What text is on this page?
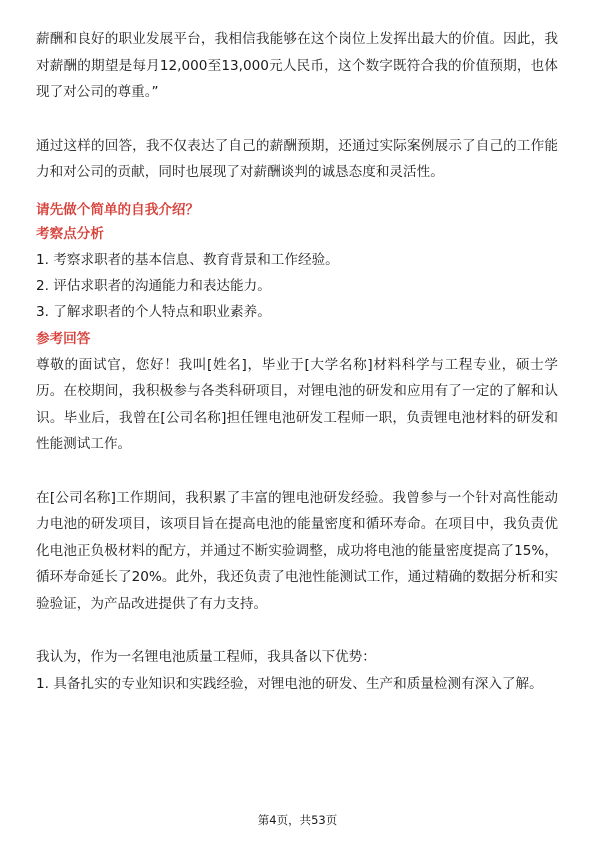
薪酬和良好的职业发展平台，我相信我能够在这个岗位上发挥出最大的价值。因此，我对薪酬的期望是每月12,000至13,000元人民币，这个数字既符合我的价值预期，也体现了对公司的尊重。”

通过这样的回答，我不仅表达了自己的薪酬预期，还通过实际案例展示了自己的工作能力和对公司的贡献，同时也展现了对薪酬谈判的诚恳态度和灵活性。

请先做个简单的自我介绍？
考察点分析

1. 考察求职者的基本信息、教育背景和工作经验。

2. 评估求职者的沟通能力和表达能力。

3. 了解求职者的个人特点和职业素养。

参考回答

尊敬的面试官，您好！我叫[姓名]，毕业于[大学名称]材料科学与工程专业，硕士学历。在校期间，我积极参与各类科研项目，对锂电池的研发和应用有了一定的了解和认识。毕业后，我曾在[公司名称]担任锂电池研发工程师一职，负责锂电池材料的研发和性能测试工作。

在[公司名称]工作期间，我积累了丰富的锂电池研发经验。我曾参与一个针对高性能动力电池的研发项目，该项目旨在提高电池的能量密度和循环寿命。在项目中，我负责优化电池正负极材料的配方，并通过不断实验调整，成功将电池的能量密度提高了15%，循环寿命延长了20%。此外，我还负责了电池性能测试工作，通过精确的数据分析和实验验证，为产品改进提供了有力支持。

我认为，作为一名锂电池质量工程师，我具备以下优势：

1. 具备扎实的专业知识和实践经验，对锂电池的研发、生产和质量检测有深入了解。

第4页，共53页
